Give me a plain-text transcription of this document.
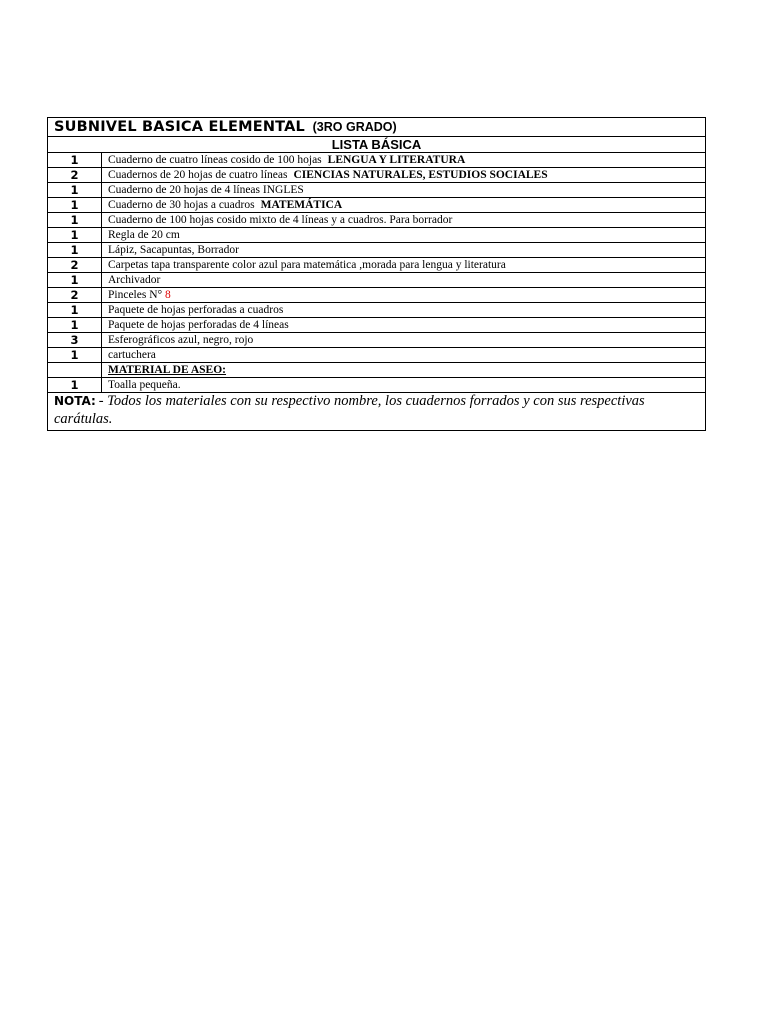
SUBNIVEL BASICA ELEMENTAL (3RO GRADO)	
LISTA BÁSICA	
1	Cuaderno de cuatro líneas cosido de 100 hojas LENGUA Y LITERATURA
2	Cuadernos de 20 hojas de cuatro líneas CIENCIAS NATURALES, ESTUDIOS SOCIALES
1	Cuaderno de 20 hojas de 4 líneas INGLES
1	Cuaderno de 30 hojas a cuadros MATEMÁTICA
1	Cuaderno de 100 hojas cosido mixto de 4 líneas y a cuadros. Para borrador
1	Regla de 20 cm
1	Lápiz, Sacapuntas, Borrador
2	Carpetas tapa transparente color azul para matemática ,morada para lengua y literatura
1	Archivador
2	Pinceles N° 8
1	Paquete de hojas perforadas a cuadros
1	Paquete de hojas perforadas de 4 líneas
3	Esferográficos azul, negro, rojo
1	cartuchera
	MATERIAL DE ASEO:
1	Toalla pequeña.
NOTA: - Todos los materiales con su respectivo nombre, los cuadernos forrados y con sus respectivas carátulas.	
